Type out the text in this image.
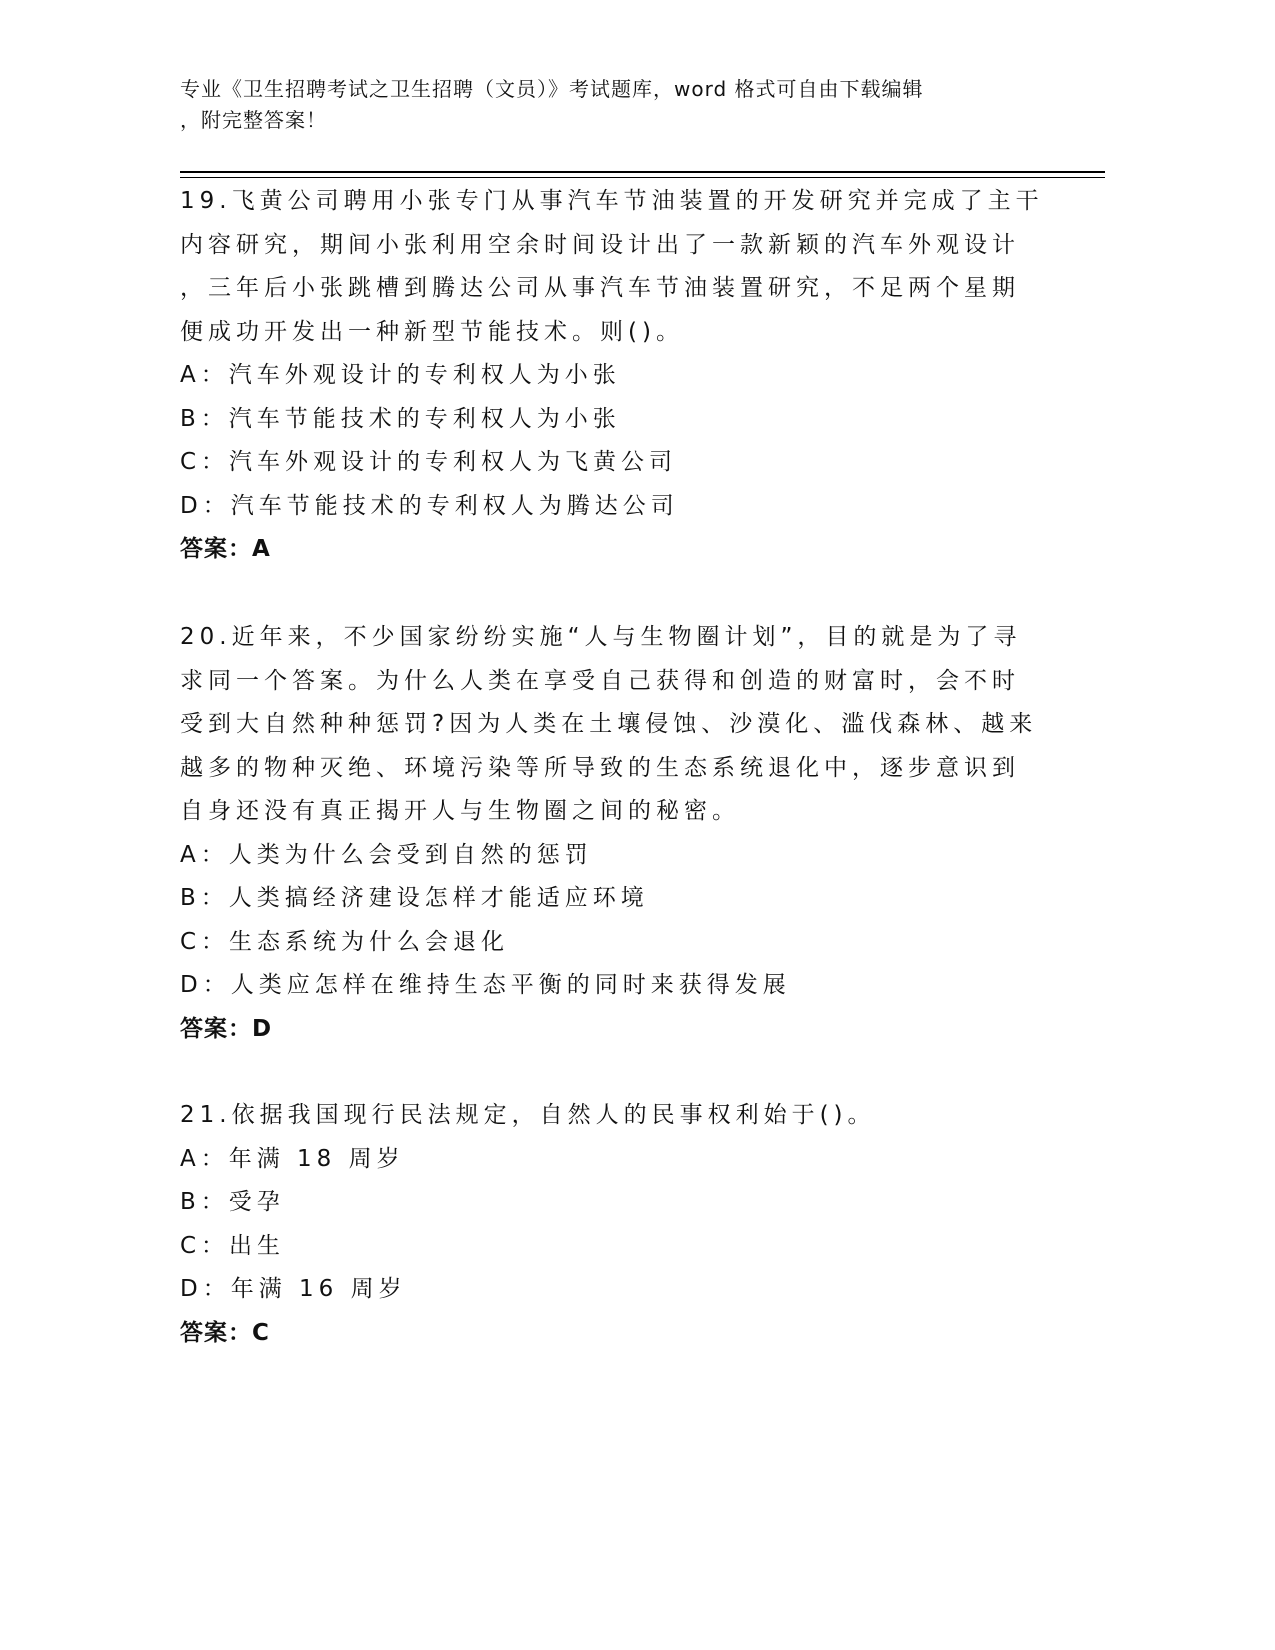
专业《卫生招聘考试之卫生招聘（文员）》考试题库，word 格式可自由下载编辑
，附完整答案！
19.飞黄公司聘用小张专门从事汽车节油装置的开发研究并完成了主干
内容研究，期间小张利用空余时间设计出了一款新颖的汽车外观设计
，三年后小张跳槽到腾达公司从事汽车节油装置研究，不足两个星期
便成功开发出一种新型节能技术。则()。
A：汽车外观设计的专利权人为小张
B：汽车节能技术的专利权人为小张
C：汽车外观设计的专利权人为飞黄公司
D：汽车节能技术的专利权人为腾达公司
答案：A
20.近年来，不少国家纷纷实施“人与生物圈计划”，目的就是为了寻
求同一个答案。为什么人类在享受自己获得和创造的财富时，会不时
受到大自然种种惩罚?因为人类在土壤侵蚀、沙漠化、滥伐森林、越来
越多的物种灭绝、环境污染等所导致的生态系统退化中，逐步意识到
自身还没有真正揭开人与生物圈之间的秘密。
A：人类为什么会受到自然的惩罚
B：人类搞经济建设怎样才能适应环境
C：生态系统为什么会退化
D：人类应怎样在维持生态平衡的同时来获得发展
答案：D
21.依据我国现行民法规定，自然人的民事权利始于()。
A：年满 18 周岁
B：受孕
C：出生
D：年满 16 周岁
答案：C
